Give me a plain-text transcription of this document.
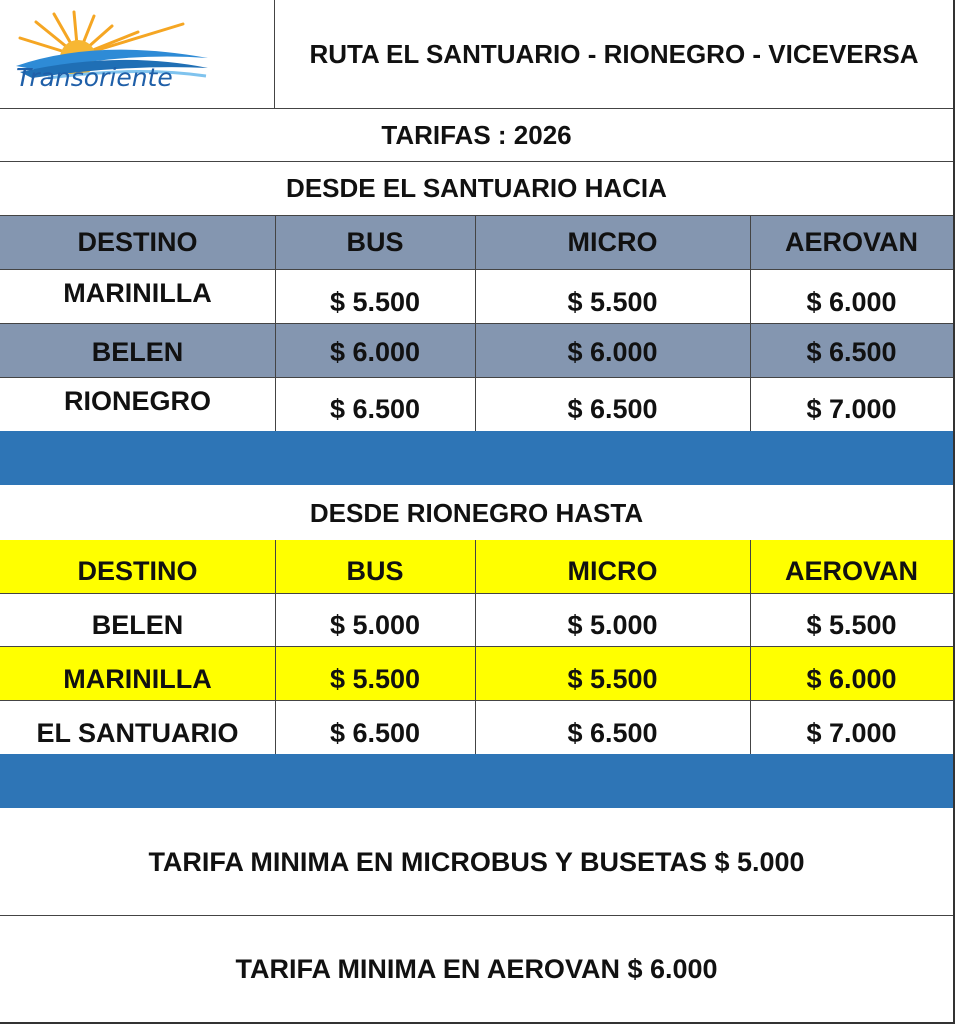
Transoriente
RUTA EL SANTUARIO - RIONEGRO - VICEVERSA
TARIFAS : 2026
DESDE EL SANTUARIO HACIA
DESTINO	BUS	MICRO	AEROVAN
MARINILLA	$ 5.500	$ 5.500	$ 6.000
BELEN	$ 6.000	$ 6.000	$ 6.500
RIONEGRO	$ 6.500	$ 6.500	$ 7.000
DESDE RIONEGRO HASTA
DESTINO	BUS	MICRO	AEROVAN
BELEN	$ 5.000	$ 5.000	$ 5.500
MARINILLA	$ 5.500	$ 5.500	$ 6.000
EL SANTUARIO	$ 6.500	$ 6.500	$ 7.000
TARIFA MINIMA EN MICROBUS Y BUSETAS $ 5.000
TARIFA MINIMA EN AEROVAN $ 6.000
